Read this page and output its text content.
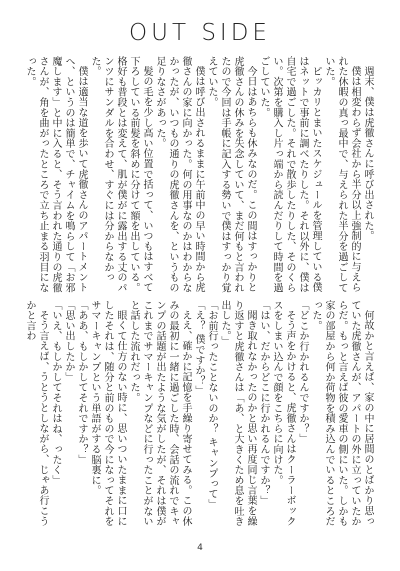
OUT SIDE

週末、僕は虎徹さんに呼び出された。

僕は相変わらず会社から半分以上強制的に与えられた休暇の真っ最中で、与えられた半分を過ごしていた。

ピッカリとまいたスケジュールを管理している僕はネットで事前に調べたりした。それ以外に、僕は自宅で過ごした。それで散歩したりした、そのくらい。次第を購入し片っ端から読んだりして時間を過ごしていた。

今日はあちらも休みなのだ。この間はすっかりと虎徹さんの休みを失念していて、まだ何もと言われたので今回は手帳に記入する勢いで僕はすっかり覚えていた。

僕は呼び出されるままに午前中の早い時間から虎徹さんの家に向かった。何の用事なのかはわからなかったが、いつもの通りの虎徹さんを、というもの足りなさがあった。

髪の毛を少し高い位置で括って、いつもはすべて下ろしている前髪を斜めに分けて額を出している。格好も普段とは変えて、肌が僕がに露出する丈のパンツにサンダルを合わせ、すぐには分からなかった。

僕は適当な道を歩いて虎徹さんのアパートメントへ、というのは簡単で、チャイムを鳴らして「お邪魔します」と中に入ると、そう言われた通りの虎徹さんが、角を曲がったところで立ち止まる羽目になった。

何故かと言えば、家の中に居間のとばかり思っていた虎徹さんが、アパートの外に立っていたからだ。もっと言えば彼の愛車の側にいた。しかも家の部屋から何か荷物を積み込んでいるところだった。

「どこか行かれるんですか？」

そう声をかけると、虎徹さんはクーラーボックスをしまい込んで顔をこちらに向けた。

「はい、だからどこに行かれるんですか？」

聞き取れなかったのかと思い再度同じ言葉を繰り返すと虎徹さんは「あ、と大きくため息を吐き出した。」

「お前行ったことないのか？ キャンプって」

「え？ 僕ですか？」

ええ、確かに記憶を手繰り寄せてみる。この休みの最初に一緒に過ごした時、会話の流れでキャンプの話題が出たような気がしたが、それは僕がこれまでサマーキャンプなどに行ったことがないと話した流れだった。

眼くて仕方のない時に、思いついたままに口にしたそれは、随分と前のもので今になってそれをサマーキャンプという単語がする脳裏に。

「ああ、もしかしてそれですか？」

「思い出したか」

「いえ、もしかしてそれはね、ったく」

そう言えば、うとうとしながら、じゃあ行こうかと言わ

4
